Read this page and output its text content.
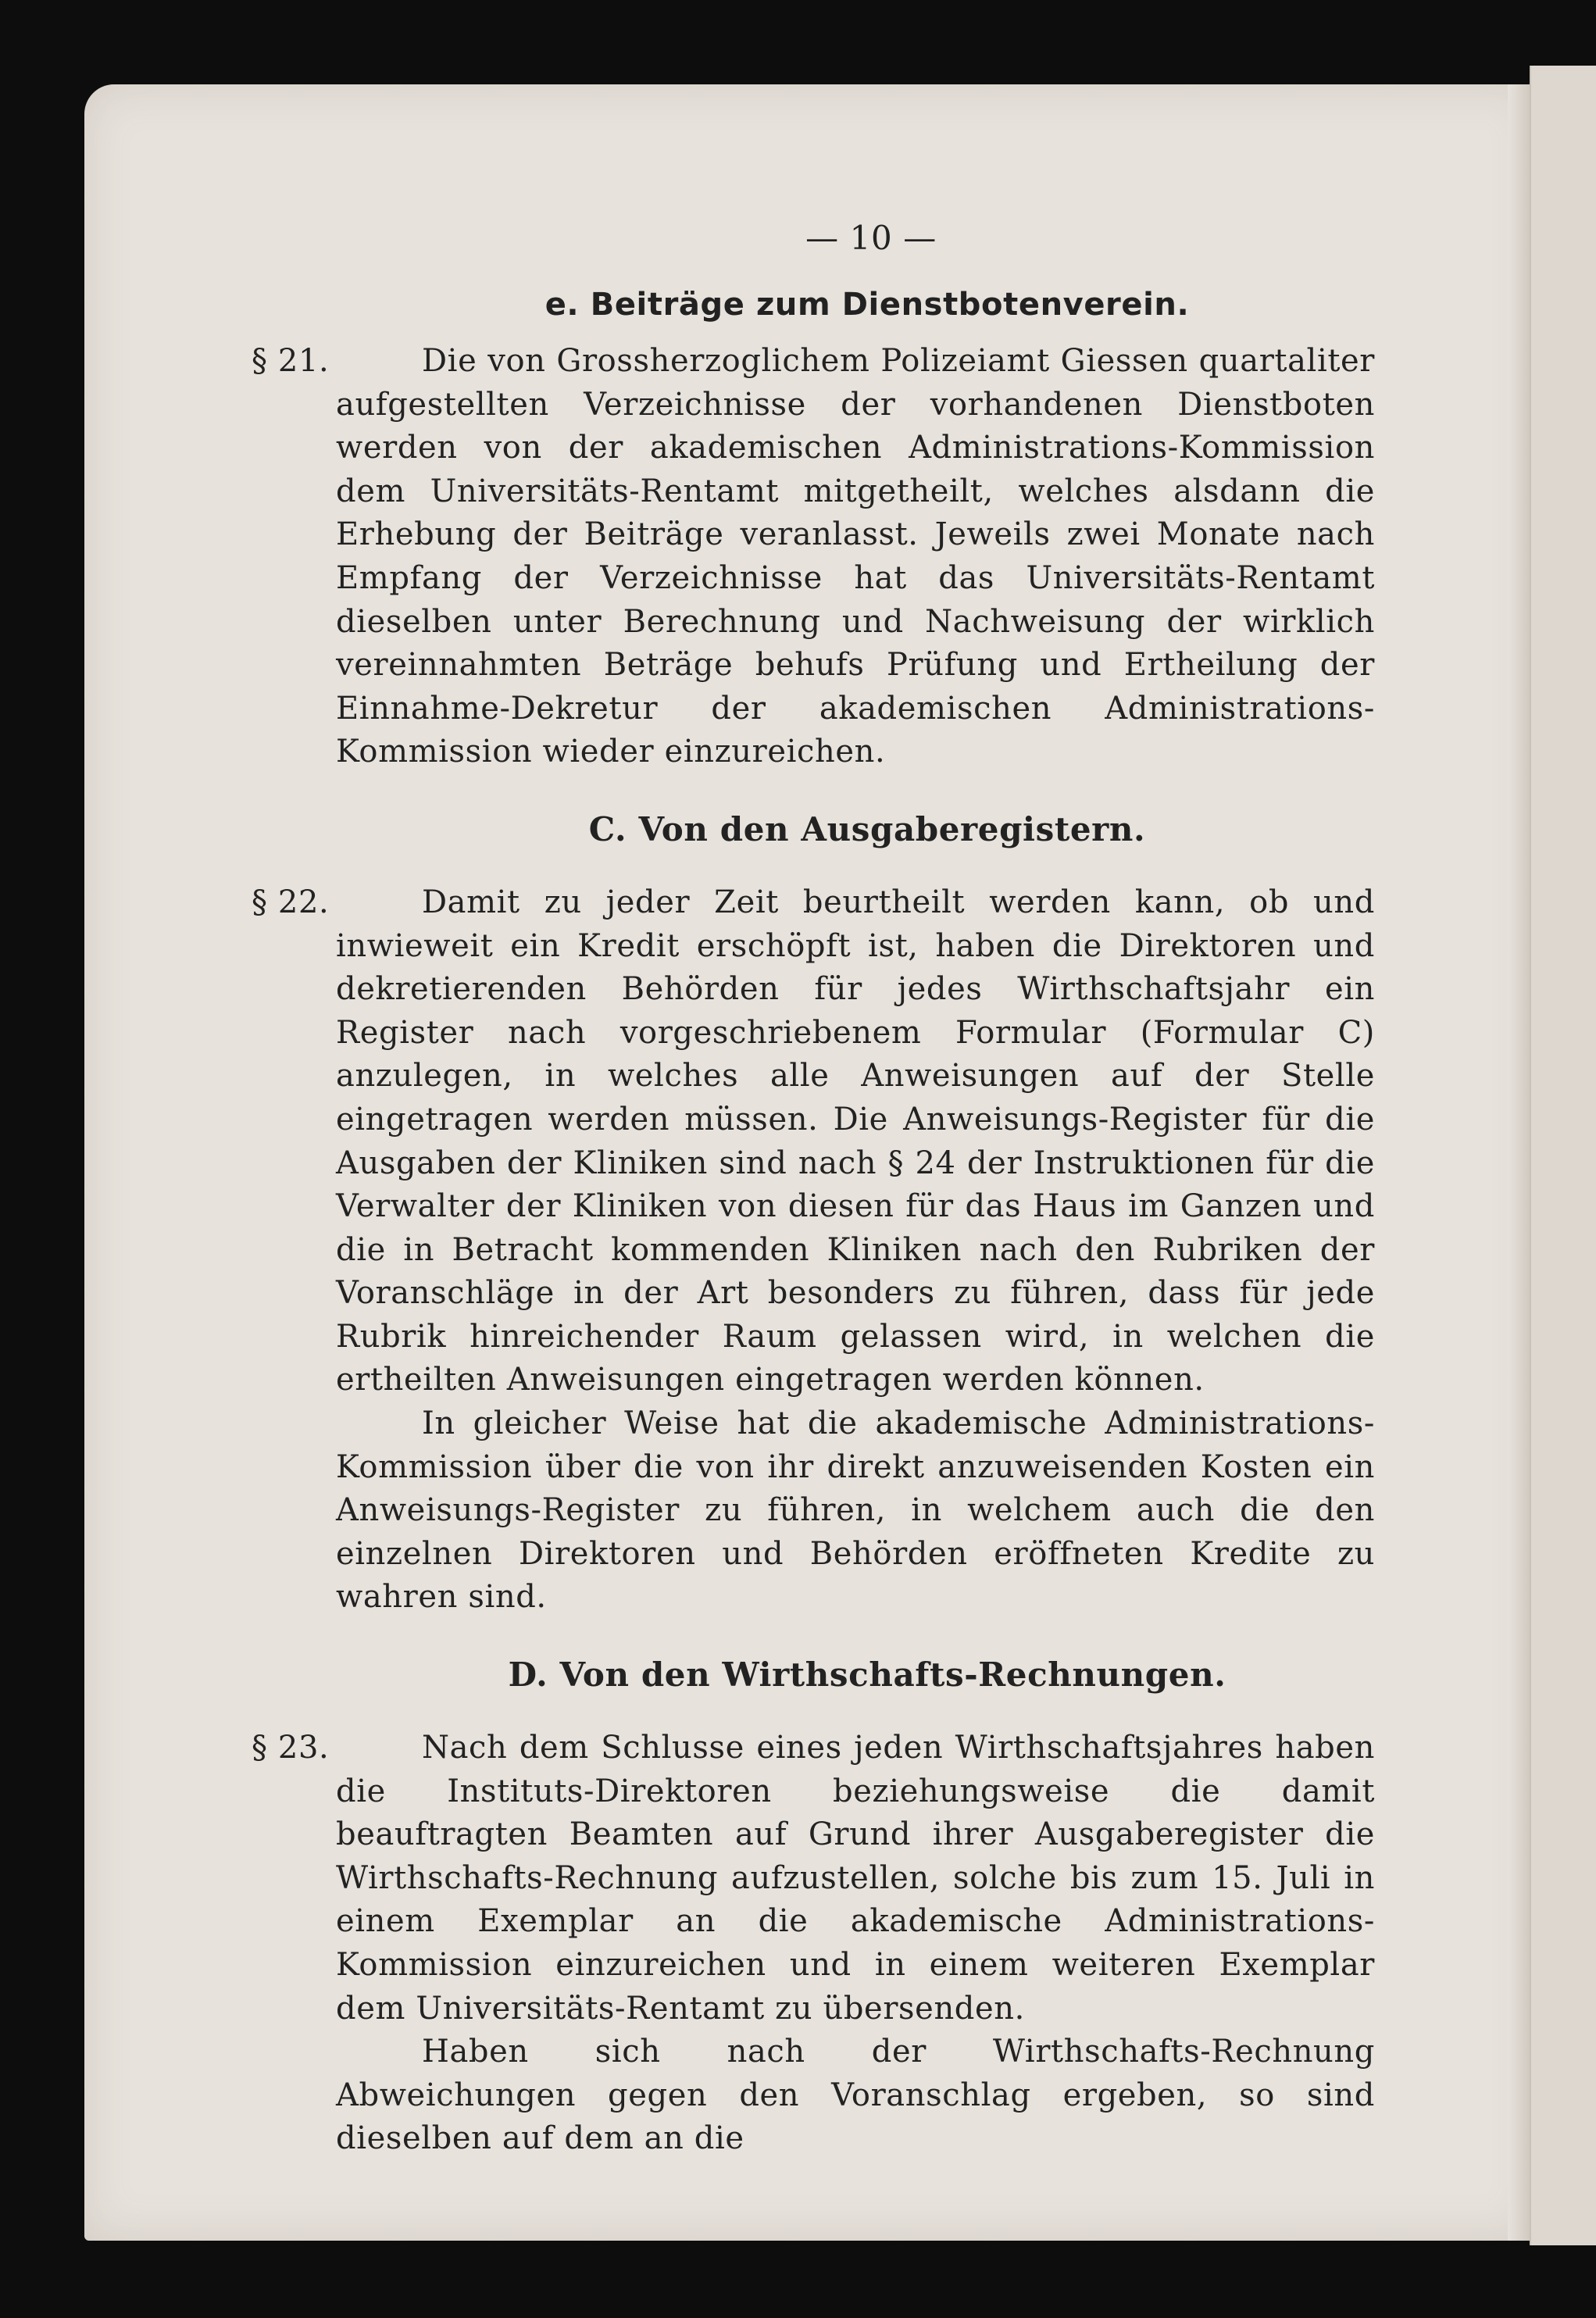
— 10 —
e. Beiträge zum Dienstbotenverein.
§ 21.	Die von Grossherzoglichem Polizeiamt Giessen quartaliter aufgestellten Verzeichnisse der vorhandenen Dienstboten werden von der akademischen Administrations-Kommission dem Universitäts-Rentamt mitgetheilt, welches alsdann die Erhebung der Beiträge veranlasst. Jeweils zwei Monate nach Empfang der Verzeichnisse hat das Universitäts-Rentamt dieselben unter Berechnung und Nachweisung der wirklich vereinnahmten Beträge behufs Prüfung und Ertheilung der Einnahme-Dekretur der akademischen Administrations-Kommission wieder einzureichen.
C. Von den Ausgaberegistern.
§ 22.	Damit zu jeder Zeit beurtheilt werden kann, ob und inwieweit ein Kredit erschöpft ist, haben die Direktoren und dekretierenden Behörden für jedes Wirthschaftsjahr ein Register nach vorgeschriebenem Formular (Formular C) anzulegen, in welches alle Anweisungen auf der Stelle eingetragen werden müssen. Die Anweisungs-Register für die Ausgaben der Kliniken sind nach § 24 der Instruktionen für die Verwalter der Kliniken von diesen für das Haus im Ganzen und die in Betracht kommenden Kliniken nach den Rubriken der Voranschläge in der Art besonders zu führen, dass für jede Rubrik hinreichender Raum gelassen wird, in welchen die ertheilten Anweisungen eingetragen werden können.
In gleicher Weise hat die akademische Administrations-Kommission über die von ihr direkt anzuweisenden Kosten ein Anweisungs-Register zu führen, in welchem auch die den einzelnen Direktoren und Behörden eröffneten Kredite zu wahren sind.
D. Von den Wirthschafts-Rechnungen.
§ 23.	Nach dem Schlusse eines jeden Wirthschaftsjahres haben die Instituts-Direktoren beziehungsweise die damit beauftragten Beamten auf Grund ihrer Ausgaberegister die Wirthschafts-Rechnung aufzustellen, solche bis zum 15. Juli in einem Exemplar an die akademische Administrations-Kommission einzureichen und in einem weiteren Exemplar dem Universitäts-Rentamt zu übersenden.
Haben sich nach der Wirthschafts-Rechnung Abweichungen gegen den Voranschlag ergeben, so sind dieselben auf dem an die
